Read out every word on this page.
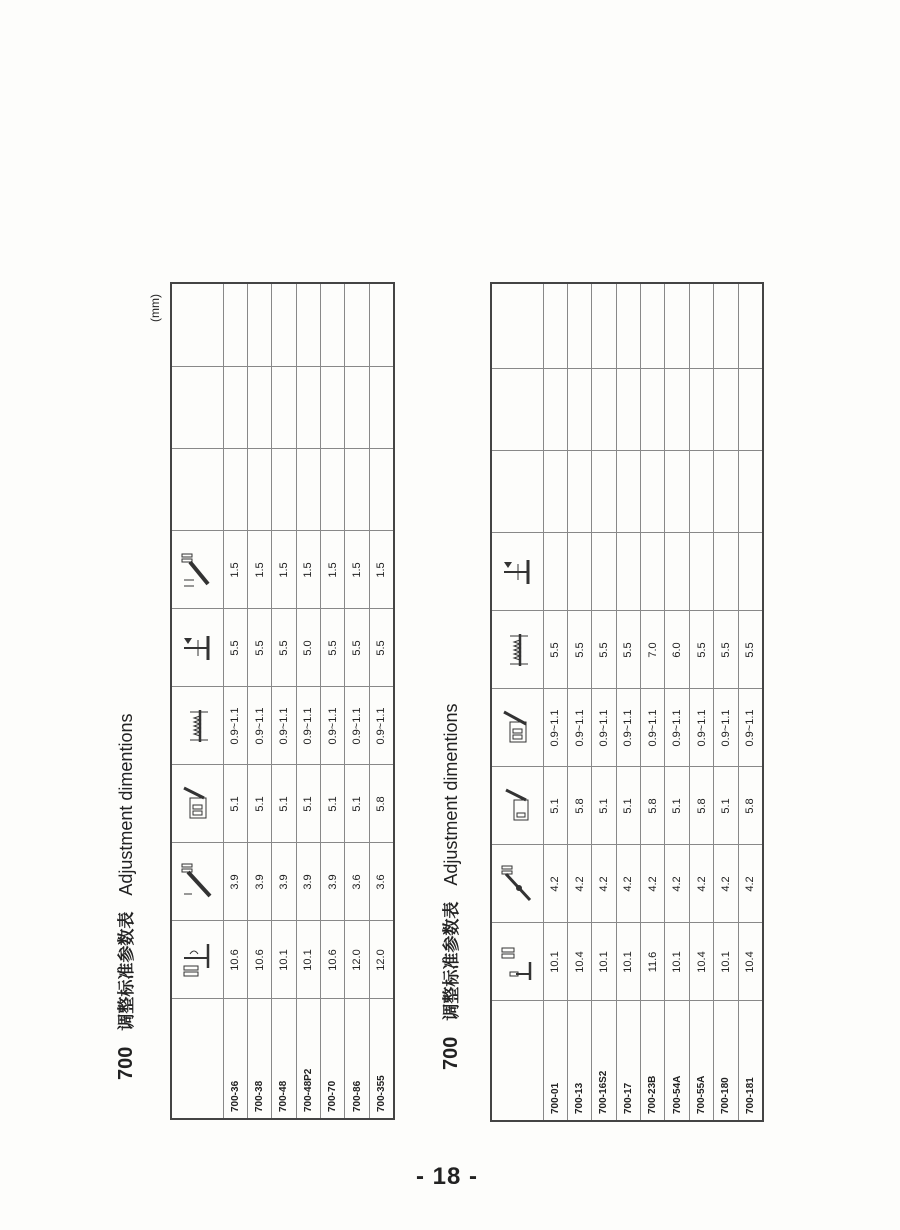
700
调整标准参数表
Adjustment dimentions
(mm)

700-36	10.6	3.9	5.1	0.9~1.1	5.5	1.5			
700-38	10.6	3.9	5.1	0.9~1.1	5.5	1.5			
700-48	10.1	3.9	5.1	0.9~1.1	5.5	1.5			
700-48P2	10.1	3.9	5.1	0.9~1.1	5.0	1.5			
700-70	10.6	3.9	5.1	0.9~1.1	5.5	1.5			
700-86	12.0	3.6	5.1	0.9~1.1	5.5	1.5			
700-355	12.0	3.6	5.8	0.9~1.1	5.5	1.5			
700
调整标准参数表
Adjustment dimentions

700-01	10.1	4.2	5.1	0.9~1.1	5.5				
700-13	10.4	4.2	5.8	0.9~1.1	5.5				
700-16S2	10.1	4.2	5.1	0.9~1.1	5.5				
700-17	10.1	4.2	5.1	0.9~1.1	5.5				
700-23B	11.6	4.2	5.8	0.9~1.1	7.0				
700-54A	10.1	4.2	5.1	0.9~1.1	6.0				
700-55A	10.4	4.2	5.8	0.9~1.1	5.5				
700-180	10.1	4.2	5.1	0.9~1.1	5.5				
700-181	10.4	4.2	5.8	0.9~1.1	5.5				
- 18 -
